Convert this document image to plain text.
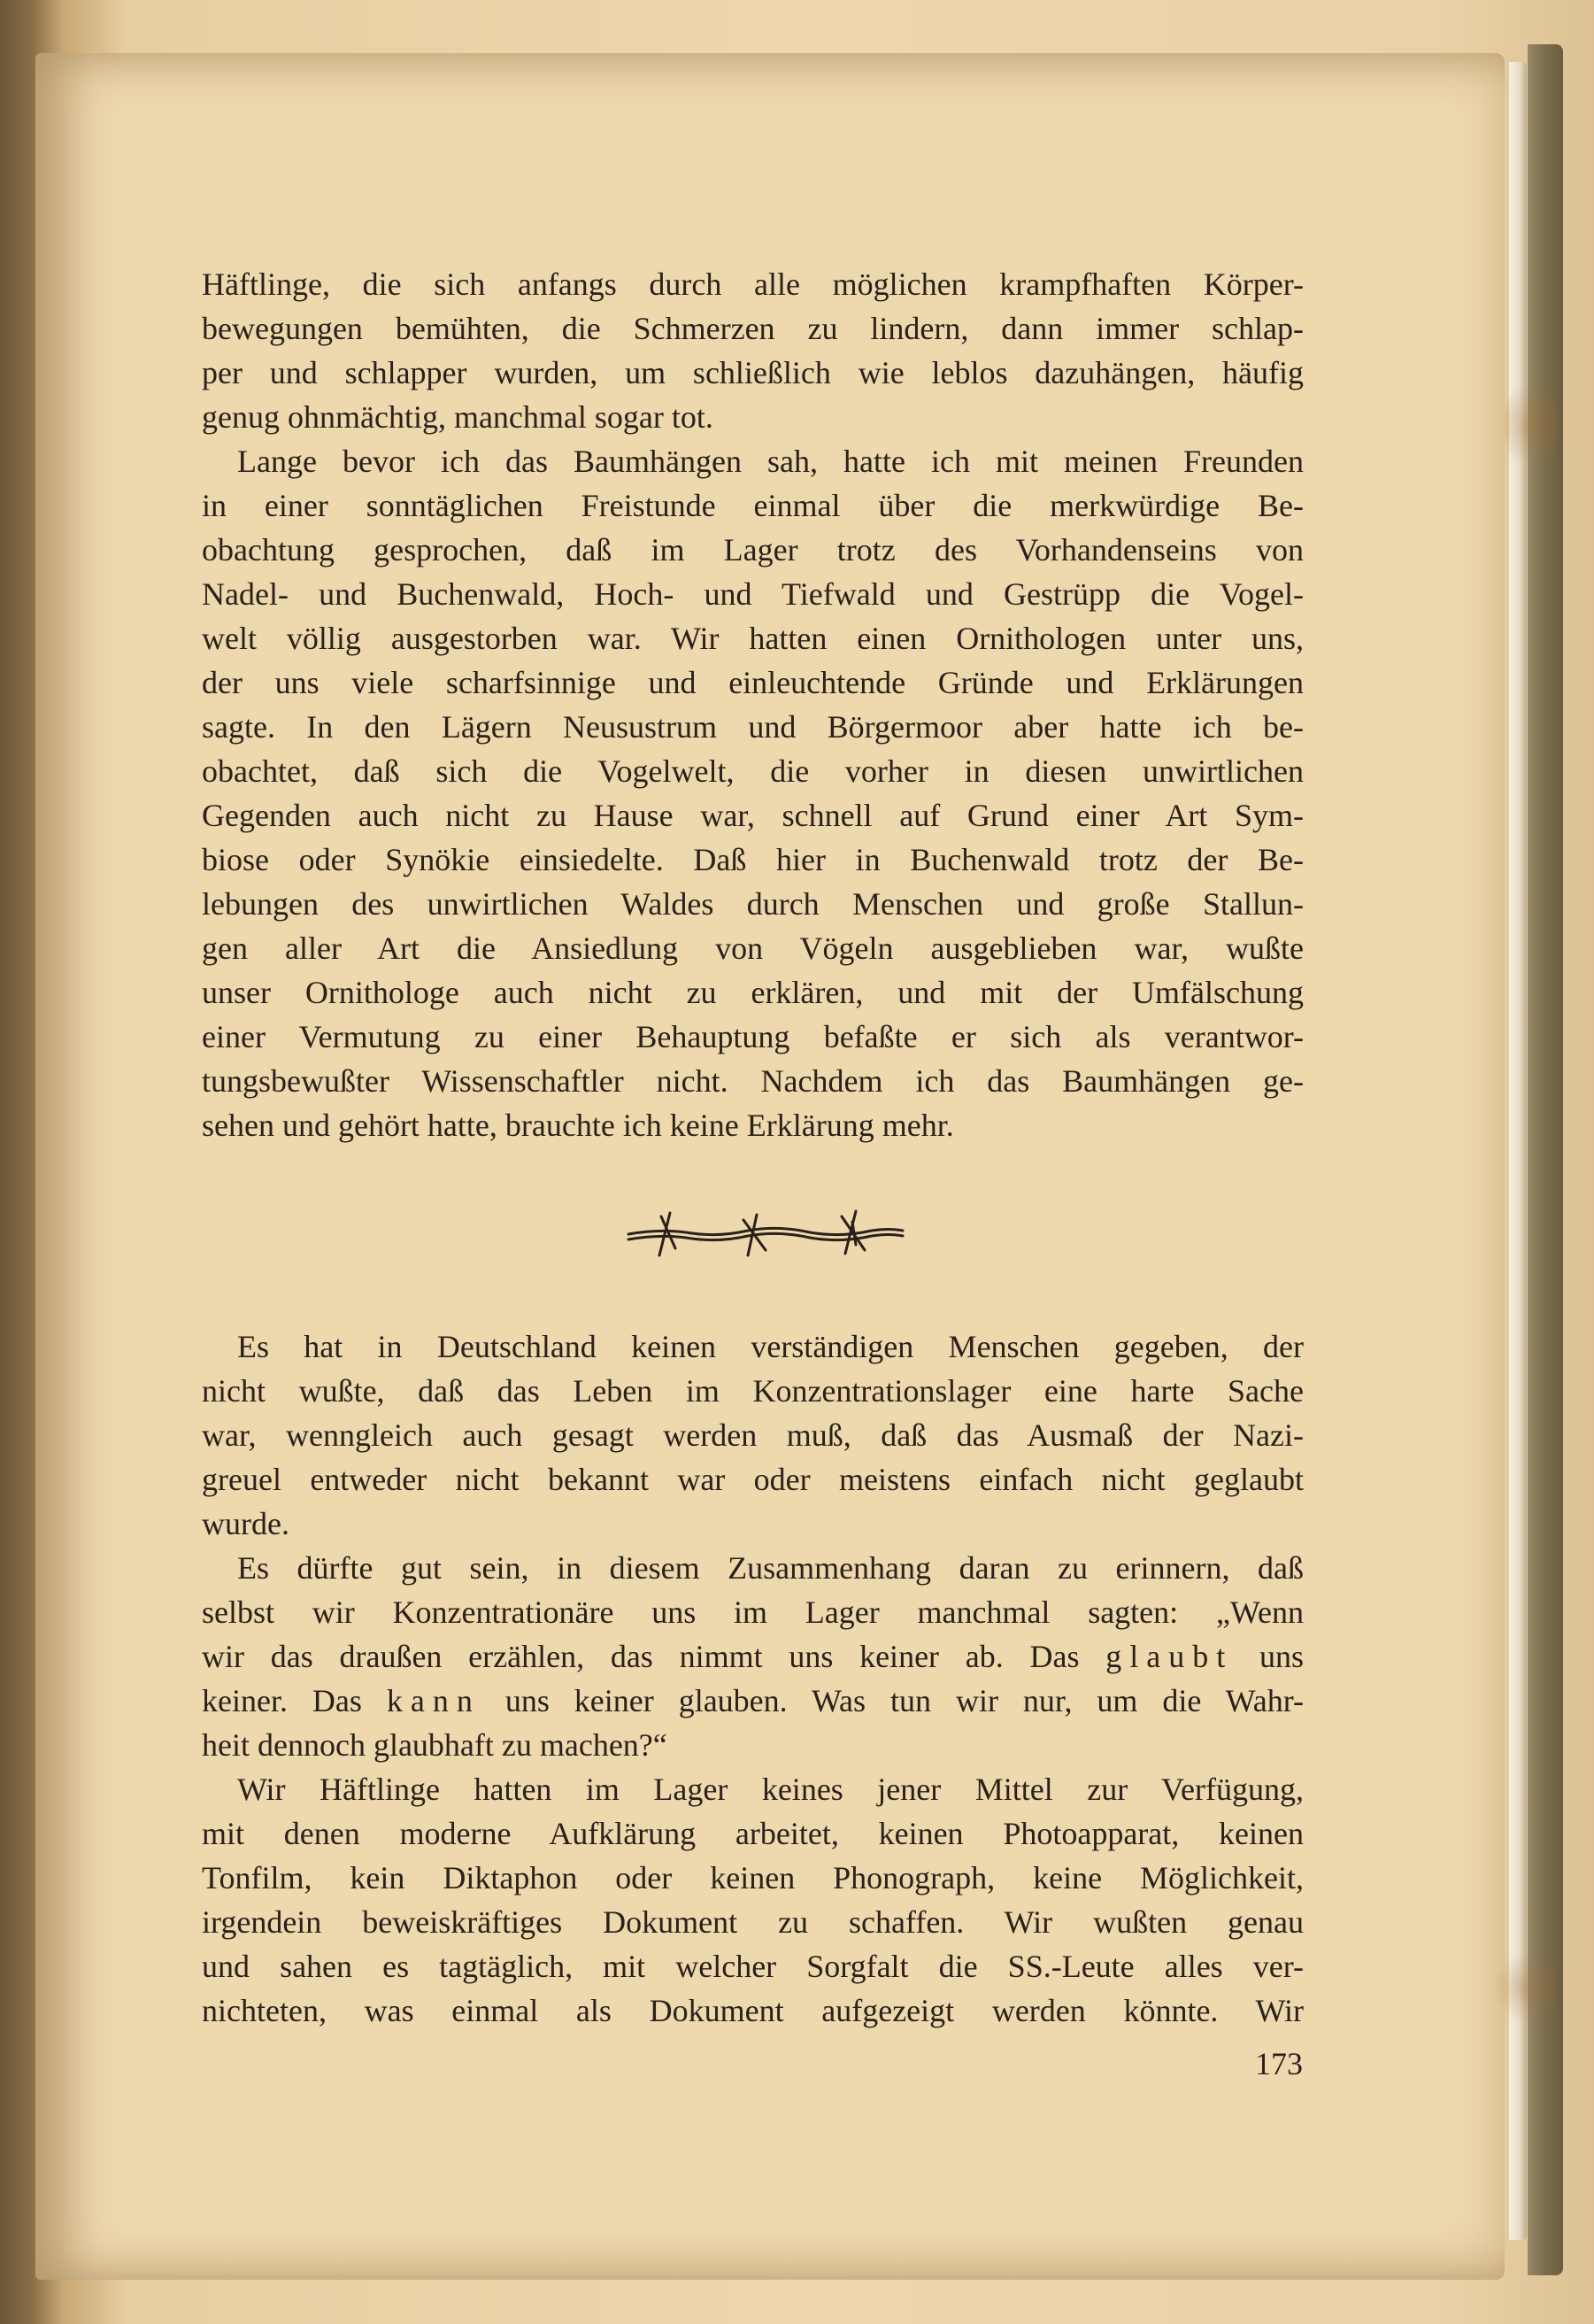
Häftlinge, die sich anfangs durch alle möglichen krampfhaften Körper-
bewegungen bemühten, die Schmerzen zu lindern, dann immer schlap-
per und schlapper wurden, um schließlich wie leblos dazuhängen, häufig
genug ohnmächtig, manchmal sogar tot.
Lange bevor ich das Baumhängen sah, hatte ich mit meinen Freunden
in einer sonntäglichen Freistunde einmal über die merkwürdige Be-
obachtung gesprochen, daß im Lager trotz des Vorhandenseins von
Nadel- und Buchenwald, Hoch- und Tiefwald und Gestrüpp die Vogel-
welt völlig ausgestorben war. Wir hatten einen Ornithologen unter uns,
der uns viele scharfsinnige und einleuchtende Gründe und Erklärungen
sagte. In den Lägern Neusustrum und Börgermoor aber hatte ich be-
obachtet, daß sich die Vogelwelt, die vorher in diesen unwirtlichen
Gegenden auch nicht zu Hause war, schnell auf Grund einer Art Sym-
biose oder Synökie einsiedelte. Daß hier in Buchenwald trotz der Be-
lebungen des unwirtlichen Waldes durch Menschen und große Stallun-
gen aller Art die Ansiedlung von Vögeln ausgeblieben war, wußte
unser Ornithologe auch nicht zu erklären, und mit der Umfälschung
einer Vermutung zu einer Behauptung befaßte er sich als verantwor-
tungsbewußter Wissenschaftler nicht. Nachdem ich das Baumhängen ge-
sehen und gehört hatte, brauchte ich keine Erklärung mehr.
Es hat in Deutschland keinen verständigen Menschen gegeben, der
nicht wußte, daß das Leben im Konzentrationslager eine harte Sache
war, wenngleich auch gesagt werden muß, daß das Ausmaß der Nazi-
greuel entweder nicht bekannt war oder meistens einfach nicht geglaubt
wurde.
Es dürfte gut sein, in diesem Zusammenhang daran zu erinnern, daß
selbst wir Konzentrationäre uns im Lager manchmal sagten: „Wenn
wir das draußen erzählen, das nimmt uns keiner ab. Das glaubt uns
keiner. Das kann uns keiner glauben. Was tun wir nur, um die Wahr-
heit dennoch glaubhaft zu machen?“
Wir Häftlinge hatten im Lager keines jener Mittel zur Verfügung,
mit denen moderne Aufklärung arbeitet, keinen Photoapparat, keinen
Tonfilm, kein Diktaphon oder keinen Phonograph, keine Möglichkeit,
irgendein beweiskräftiges Dokument zu schaffen. Wir wußten genau
und sahen es tagtäglich, mit welcher Sorgfalt die SS.-Leute alles ver-
nichteten, was einmal als Dokument aufgezeigt werden könnte. Wir
173
